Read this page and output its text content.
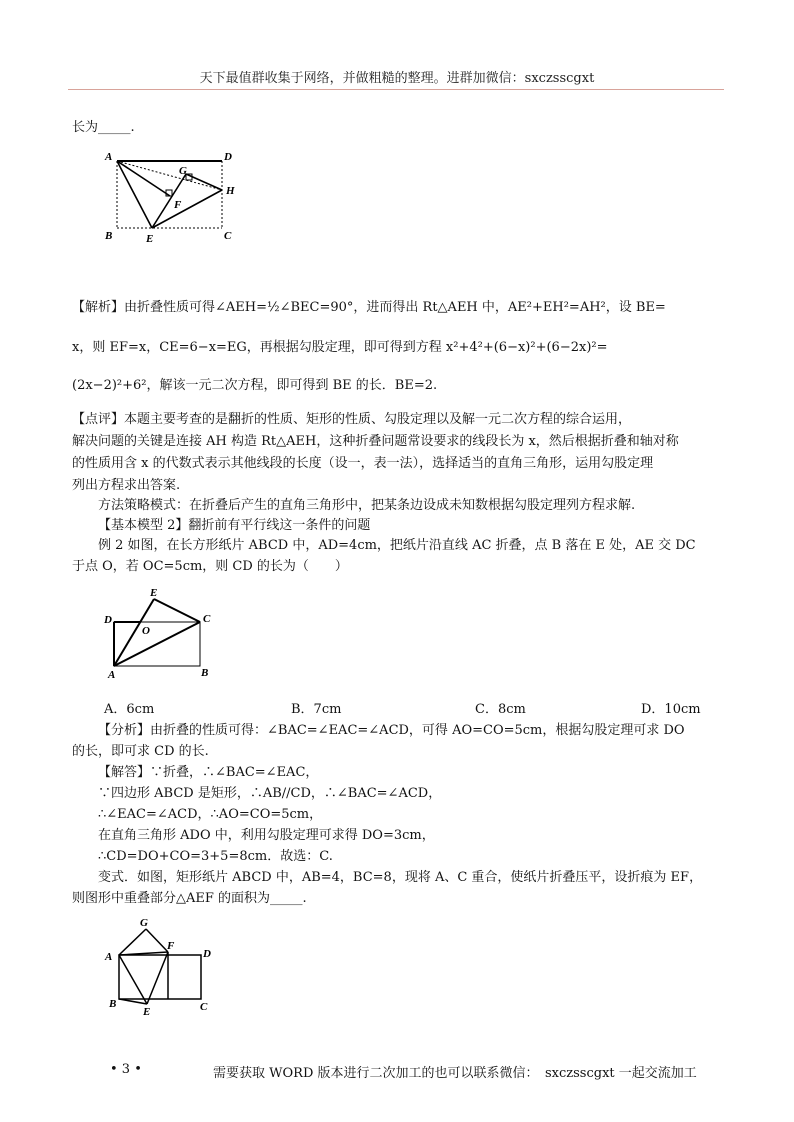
天下最值群收集于网络，并做粗糙的整理。进群加微信：sxczsscgxt
长为_____.
A	D
G
H
F
B	E	C
【解析】由折叠性质可得∠AEH=½∠BEC=90°，进而得出 Rt△AEH 中，AE²+EH²=AH²，设 BE=
x，则 EF=x，CE=6−x=EG，再根据勾股定理，即可得到方程 x²+4²+(6−x)²+(6−2x)²=
(2x−2)²+6²，解该一元二次方程，即可得到 BE 的长．BE=2.
【点评】本题主要考查的是翻折的性质、矩形的性质、勾股定理以及解一元二次方程的综合运用，
解决问题的关键是连接 AH 构造 Rt△AEH，这种折叠问题常设要求的线段长为 x，然后根据折叠和轴对称
的性质用含 x 的代数式表示其他线段的长度（设一，表一法），选择适当的直角三角形，运用勾股定理
列出方程求出答案.
方法策略模式：在折叠后产生的直角三角形中，把某条边设成未知数根据勾股定理列方程求解.
【基本模型 2】翻折前有平行线这一条件的问题
例 2 如图，在长方形纸片 ABCD 中，AD=4cm，把纸片沿直线 AC 折叠，点 B 落在 E 处，AE 交 DC
于点 O，若 OC=5cm，则 CD 的长为（　　）
E
D
O
C
A	B
A．6cm	B．7cm	C．8cm	D．10cm
【分析】由折叠的性质可得：∠BAC=∠EAC=∠ACD，可得 AO=CO=5cm，根据勾股定理可求 DO
的长，即可求 CD 的长.
【解答】∵折叠，∴∠BAC=∠EAC，
∵四边形 ABCD 是矩形，∴AB//CD，∴∠BAC=∠ACD，
∴∠EAC=∠ACD，∴AO=CO=5cm，
在直角三角形 ADO 中，利用勾股定理可求得 DO=3cm，
∴CD=DO+CO=3+5=8cm．故选：C.
变式．如图，矩形纸片 ABCD 中，AB=4，BC=8，现将 A、C 重合，使纸片折叠压平，设折痕为 EF，
则图形中重叠部分△AEF 的面积为_____.
G
A
F
D
B
E	C
• 3 •	需要获取 WORD 版本进行二次加工的也可以联系微信：　sxczsscgxt 一起交流加工
